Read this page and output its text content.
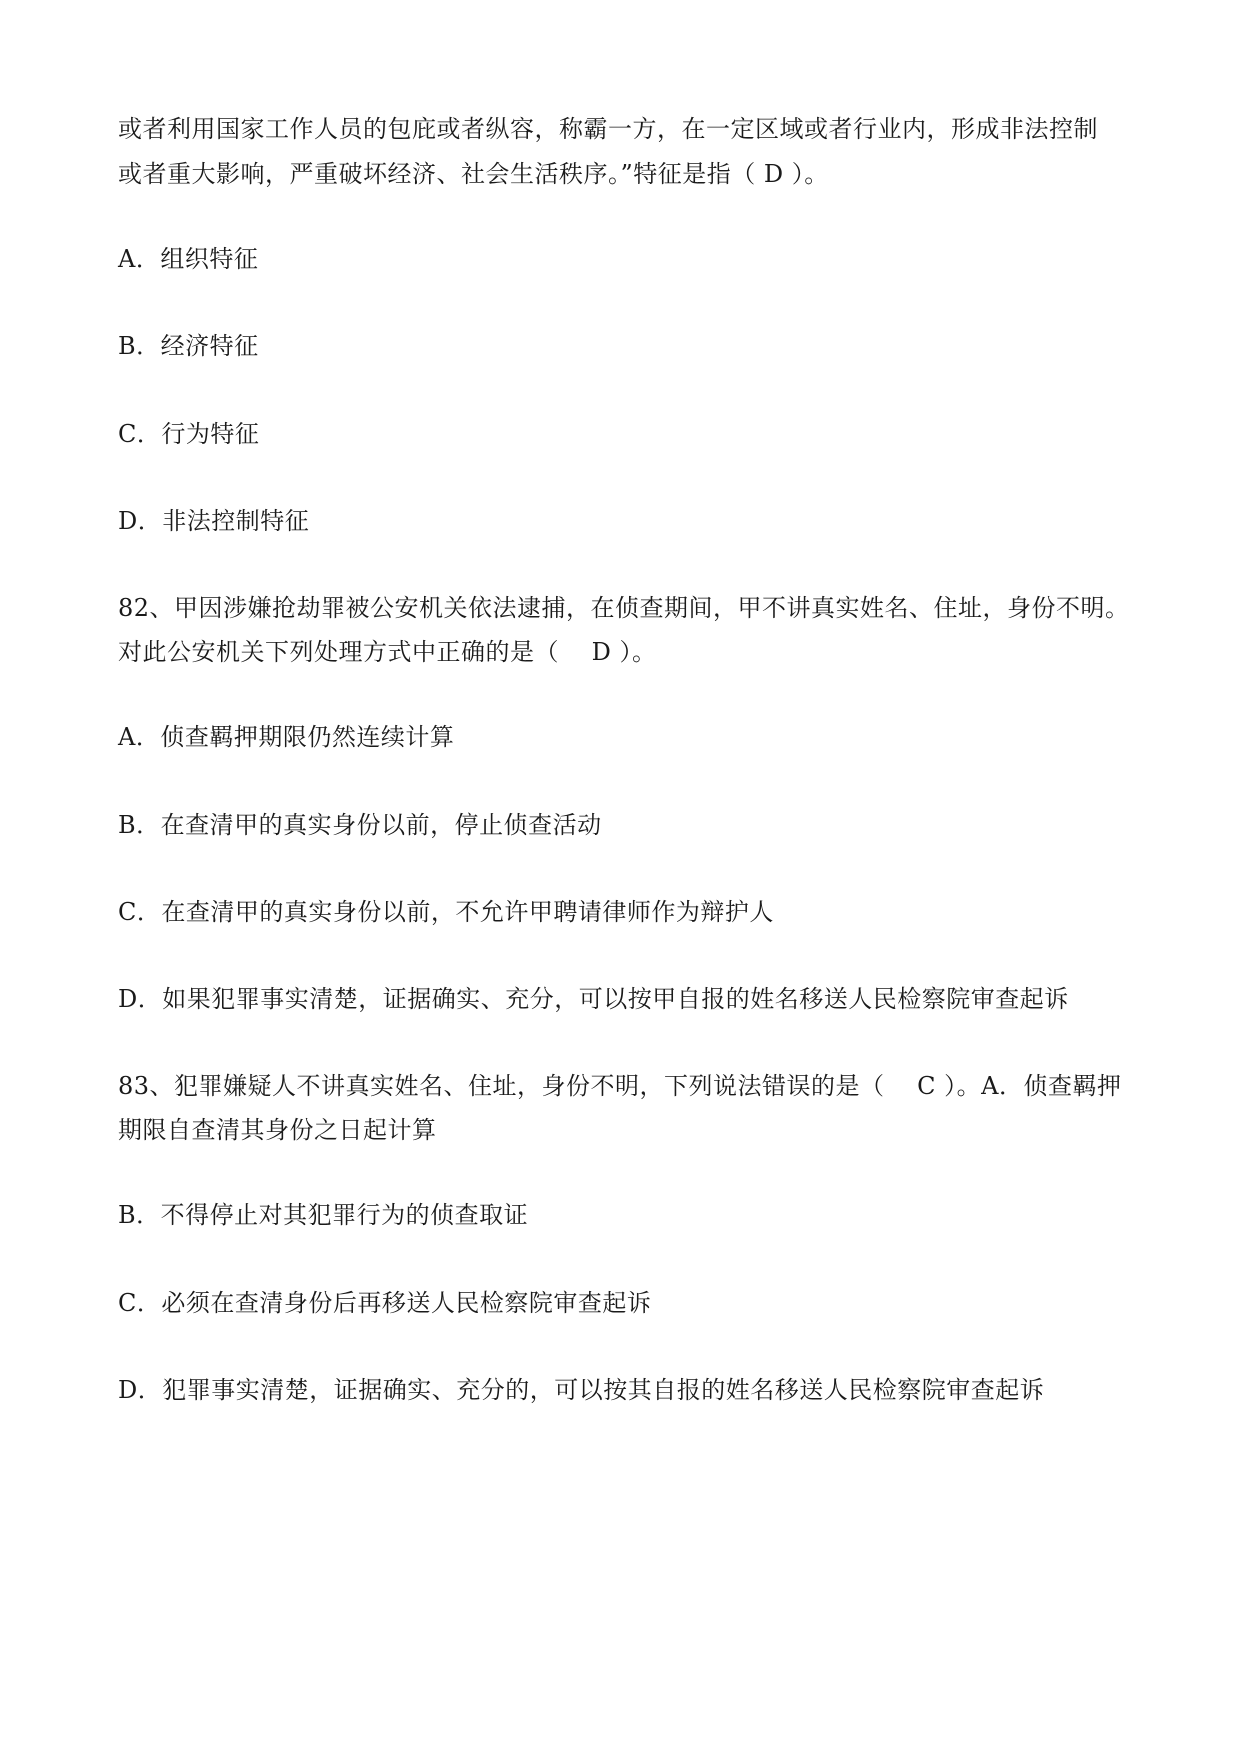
或者利用国家工作人员的包庇或者纵容，称霸一方，在一定区域或者行业内，形成非法控制
或者重大影响，严重破坏经济、社会生活秩序。”特征是指（ D ）。
A．组织特征
B．经济特征
C．行为特征
D．非法控制特征
82、甲因涉嫌抢劫罪被公安机关依法逮捕，在侦查期间，甲不讲真实姓名、住址，身份不明。
对此公安机关下列处理方式中正确的是（　 D ）。
A．侦查羁押期限仍然连续计算
B．在查清甲的真实身份以前，停止侦查活动
C．在查清甲的真实身份以前，不允许甲聘请律师作为辩护人
D．如果犯罪事实清楚，证据确实、充分，可以按甲自报的姓名移送人民检察院审查起诉
83、犯罪嫌疑人不讲真实姓名、住址，身份不明，下列说法错误的是（　 C ）。A．侦查羁押
期限自查清其身份之日起计算
B．不得停止对其犯罪行为的侦查取证
C．必须在查清身份后再移送人民检察院审查起诉
D．犯罪事实清楚，证据确实、充分的，可以按其自报的姓名移送人民检察院审查起诉
